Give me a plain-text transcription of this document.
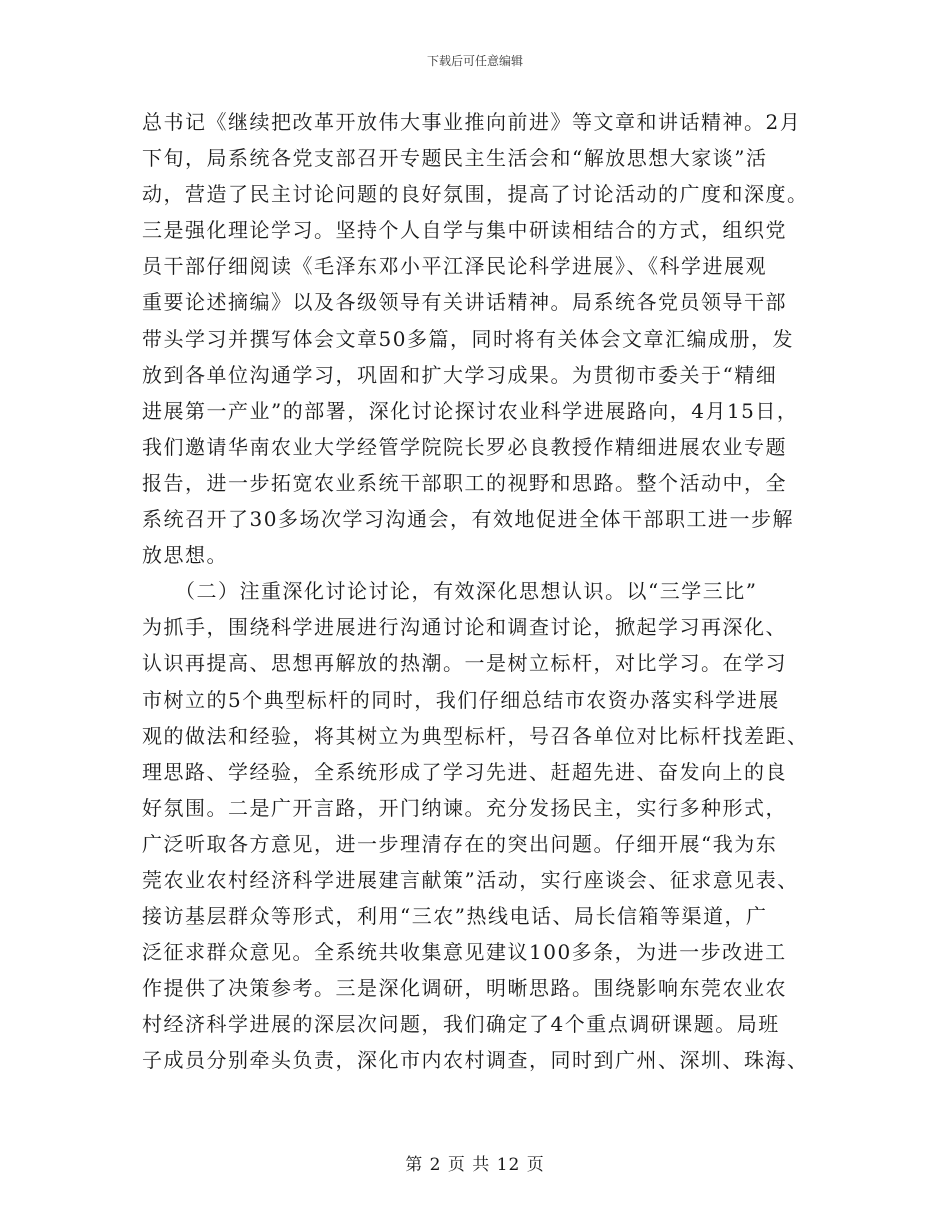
下载后可任意编辑
总书记《继续把改革开放伟大事业推向前进》等文章和讲话精神。2月
下旬，局系统各党支部召开专题民主生活会和“解放思想大家谈”活
动，营造了民主讨论问题的良好氛围，提高了讨论活动的广度和深度。
三是强化理论学习。坚持个人自学与集中研读相结合的方式，组织党
员干部仔细阅读《毛泽东邓小平江泽民论科学进展》、《科学进展观
重要论述摘编》以及各级领导有关讲话精神。局系统各党员领导干部
带头学习并撰写体会文章50多篇，同时将有关体会文章汇编成册，发
放到各单位沟通学习，巩固和扩大学习成果。为贯彻市委关于“精细
进展第一产业”的部署，深化讨论探讨农业科学进展路向，4月15日，
我们邀请华南农业大学经管学院院长罗必良教授作精细进展农业专题
报告，进一步拓宽农业系统干部职工的视野和思路。整个活动中，全
系统召开了30多场次学习沟通会，有效地促进全体干部职工进一步解
放思想。
　　（二）注重深化讨论讨论，有效深化思想认识。以“三学三比”
为抓手，围绕科学进展进行沟通讨论和调查讨论，掀起学习再深化、
认识再提高、思想再解放的热潮。一是树立标杆，对比学习。在学习
市树立的5个典型标杆的同时，我们仔细总结市农资办落实科学进展
观的做法和经验，将其树立为典型标杆，号召各单位对比标杆找差距、
理思路、学经验，全系统形成了学习先进、赶超先进、奋发向上的良
好氛围。二是广开言路，开门纳谏。充分发扬民主，实行多种形式，
广泛听取各方意见，进一步理清存在的突出问题。仔细开展“我为东
莞农业农村经济科学进展建言献策”活动，实行座谈会、征求意见表、
接访基层群众等形式，利用“三农”热线电话、局长信箱等渠道，广
泛征求群众意见。全系统共收集意见建议100多条，为进一步改进工
作提供了决策参考。三是深化调研，明晰思路。围绕影响东莞农业农
村经济科学进展的深层次问题，我们确定了4个重点调研课题。局班
子成员分别牵头负责，深化市内农村调查，同时到广州、深圳、珠海、
第 2 页 共 12 页
